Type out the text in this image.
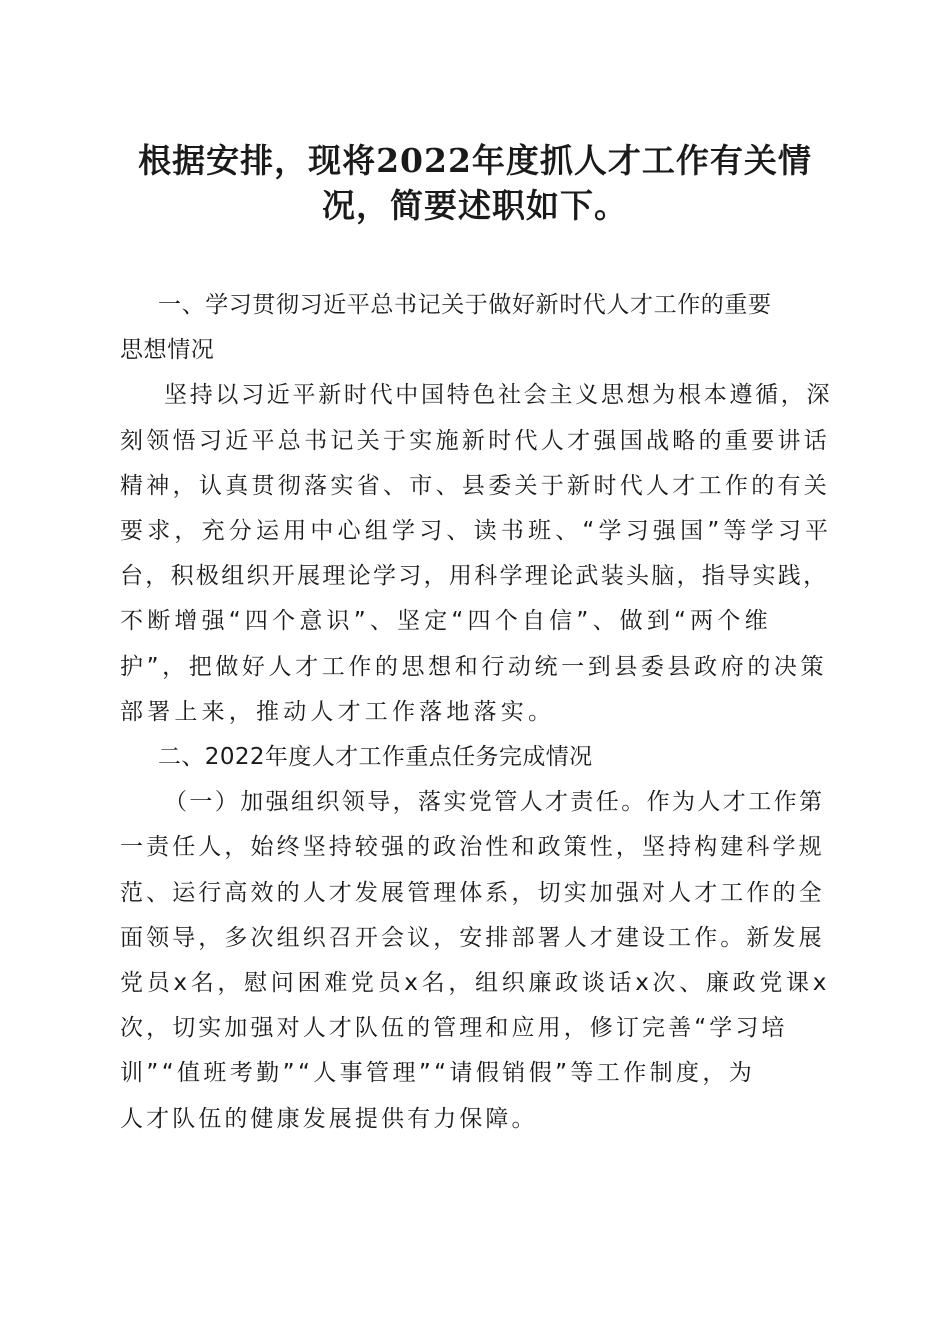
根据安排，现将2022年度抓人才工作有关情
况，简要述职如下。

一、学习贯彻习近平总书记关于做好新时代人才工作的重要
思想情况

坚持以习近平新时代中国特色社会主义思想为根本遵循，深
刻领悟习近平总书记关于实施新时代人才强国战略的重要讲话
精神，认真贯彻落实省、市、县委关于新时代人才工作的有关
要求，充分运用中心组学习、读书班、“学习强国”等学习平
台，积极组织开展理论学习，用科学理论武装头脑，指导实践，
不断增强“四个意识”、坚定“四个自信”、做到“两个维
护”，把做好人才工作的思想和行动统一到县委县政府的决策
部署上来，推动人才工作落地落实。

二、2022年度人才工作重点任务完成情况

（一）加强组织领导，落实党管人才责任。作为人才工作第
一责任人，始终坚持较强的政治性和政策性，坚持构建科学规
范、运行高效的人才发展管理体系，切实加强对人才工作的全
面领导，多次组织召开会议，安排部署人才建设工作。新发展
党员x名，慰问困难党员x名，组织廉政谈话x次、廉政党课x
次，切实加强对人才队伍的管理和应用，修订完善“学习培
训”“值班考勤”“人事管理”“请假销假”等工作制度，为
人才队伍的健康发展提供有力保障。
